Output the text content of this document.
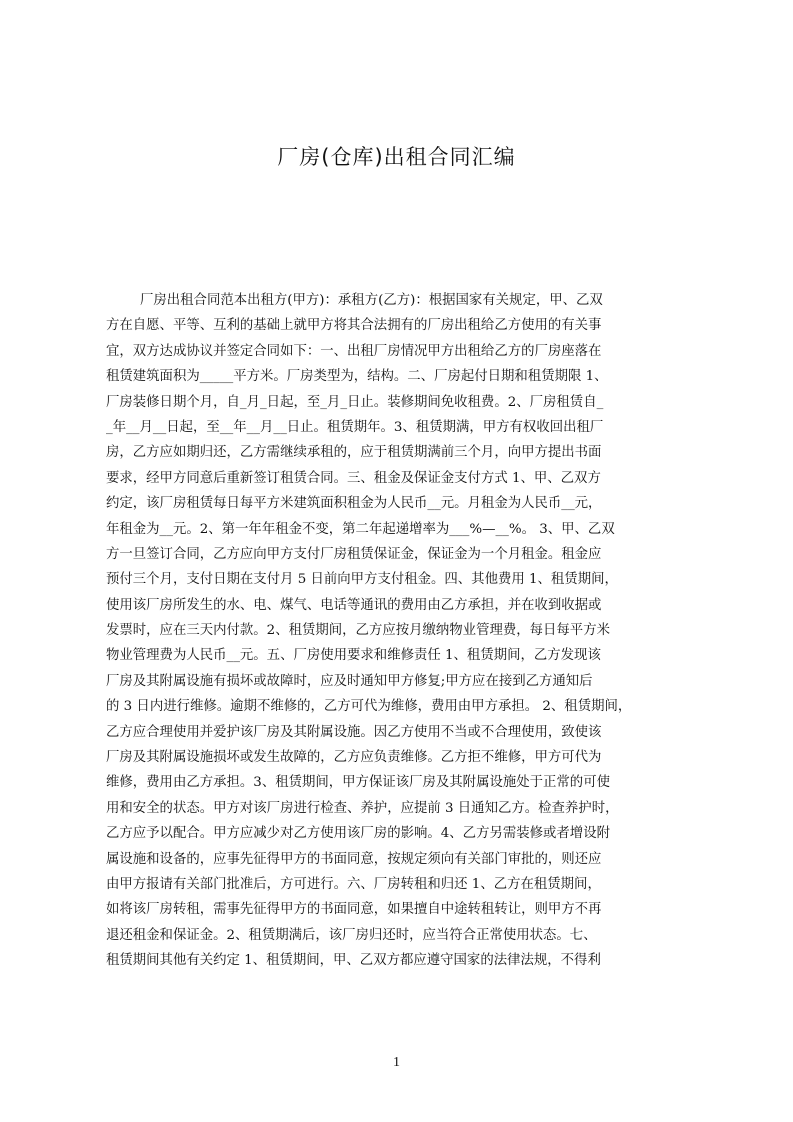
厂房(仓库)出租合同汇编
厂房出租合同范本出租方(甲方)：承租方(乙方)：根据国家有关规定，甲、乙双
方在自愿、平等、互利的基础上就甲方将其合法拥有的厂房出租给乙方使用的有关事
宜，双方达成协议并签定合同如下：一、出租厂房情况甲方出租给乙方的厂房座落在
租赁建筑面积为_____平方米。厂房类型为，结构。二、厂房起付日期和租赁期限 1、
厂房装修日期个月，自_月_日起，至_月_日止。装修期间免收租费。2、厂房租赁自_
_年__月__日起，至__年__月__日止。租赁期年。3、租赁期满，甲方有权收回出租厂
房，乙方应如期归还，乙方需继续承租的，应于租赁期满前三个月，向甲方提出书面
要求，经甲方同意后重新签订租赁合同。三、租金及保证金支付方式 1、甲、乙双方
约定，该厂房租赁每日每平方米建筑面积租金为人民币__元。月租金为人民币__元，
年租金为__元。2、第一年年租金不变，第二年起递增率为___%—__%。 3、甲、乙双
方一旦签订合同，乙方应向甲方支付厂房租赁保证金，保证金为一个月租金。租金应
预付三个月，支付日期在支付月 5 日前向甲方支付租金。四、其他费用 1、租赁期间，
使用该厂房所发生的水、电、煤气、电话等通讯的费用由乙方承担，并在收到收据或
发票时，应在三天内付款。2、租赁期间，乙方应按月缴纳物业管理费，每日每平方米
物业管理费为人民币__元。五、厂房使用要求和维修责任 1、租赁期间，乙方发现该
厂房及其附属设施有损坏或故障时，应及时通知甲方修复;甲方应在接到乙方通知后
的 3 日内进行维修。逾期不维修的，乙方可代为维修，费用由甲方承担。 2、租赁期间，
乙方应合理使用并爱护该厂房及其附属设施。因乙方使用不当或不合理使用，致使该
厂房及其附属设施损坏或发生故障的，乙方应负责维修。乙方拒不维修，甲方可代为
维修，费用由乙方承担。3、租赁期间，甲方保证该厂房及其附属设施处于正常的可使
用和安全的状态。甲方对该厂房进行检查、养护，应提前 3 日通知乙方。检查养护时，
乙方应予以配合。甲方应减少对乙方使用该厂房的影响。4、乙方另需装修或者增设附
属设施和设备的，应事先征得甲方的书面同意，按规定须向有关部门审批的，则还应
由甲方报请有关部门批准后，方可进行。六、厂房转租和归还 1、乙方在租赁期间，
如将该厂房转租，需事先征得甲方的书面同意，如果擅自中途转租转让，则甲方不再
退还租金和保证金。2、租赁期满后，该厂房归还时，应当符合正常使用状态。七、
租赁期间其他有关约定 1、租赁期间，甲、乙双方都应遵守国家的法律法规，不得利
1
